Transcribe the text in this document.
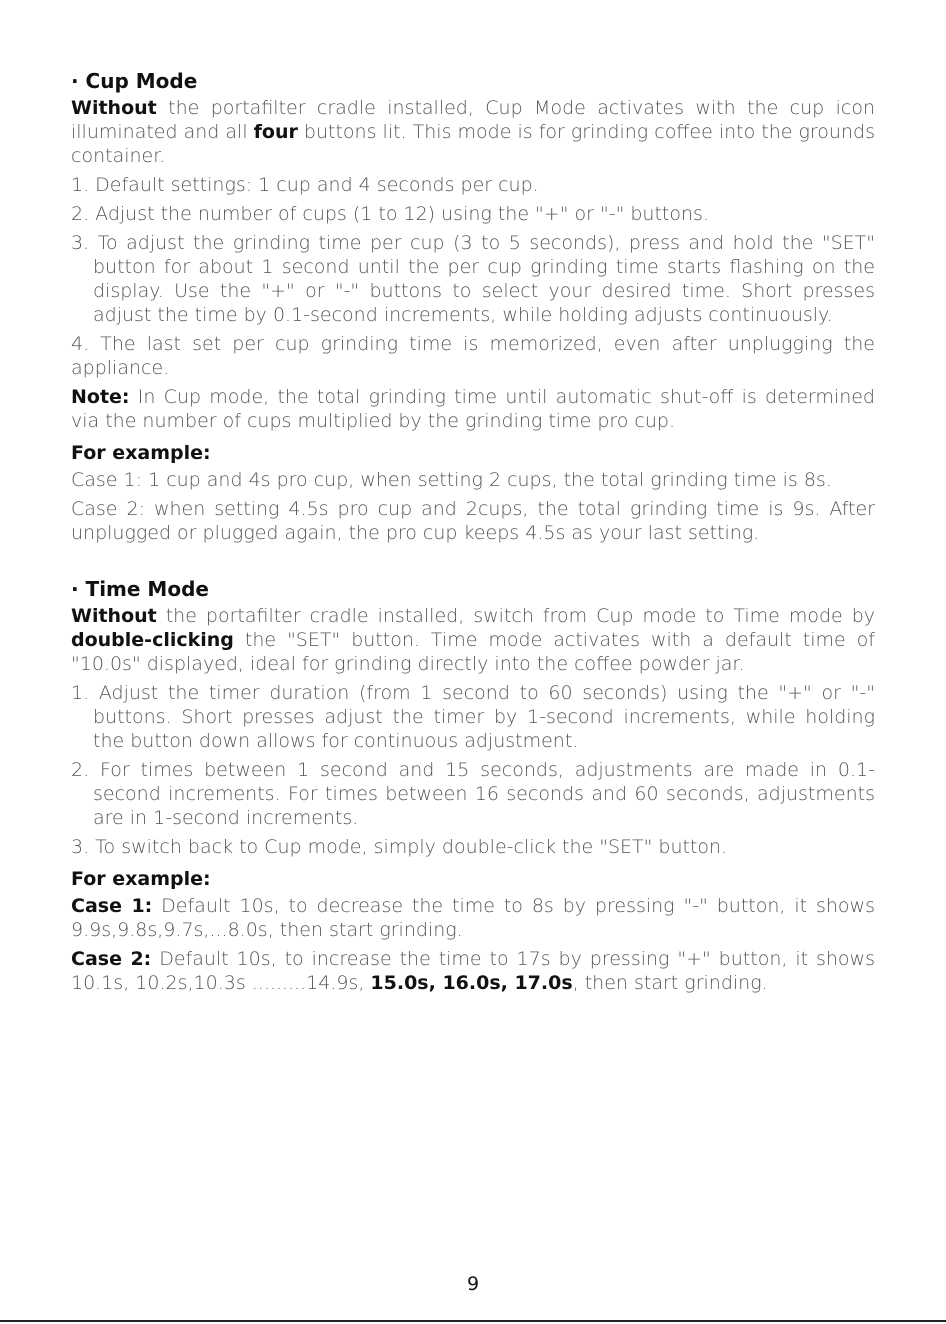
· Cup Mode

Without the portafilter cradle installed, Cup Mode activates with the cup icon illuminated and all four buttons lit. This mode is for grinding coffee into the grounds container.

1. Default settings: 1 cup and 4 seconds per cup.

2. Adjust the number of cups (1 to 12) using the "+" or "-" buttons.

3. To adjust the grinding time per cup (3 to 5 seconds), press and hold the "SET" button for about 1 second until the per cup grinding time starts flashing on the display. Use the "+" or "-" buttons to select your desired time. Short presses adjust the time by 0.1-second increments, while holding adjusts continuously.

4. The last set per cup grinding time is memorized, even after unplugging the appliance.

Note: In Cup mode, the total grinding time until automatic shut-off is determined via the number of cups multiplied by the grinding time pro cup.

For example:

Case 1: 1 cup and 4s pro cup, when setting 2 cups, the total grinding time is 8s.

Case 2: when setting 4.5s pro cup and 2cups, the total grinding time is 9s. After unplugged or plugged again, the pro cup keeps 4.5s as your last setting.

· Time Mode

Without the portafilter cradle installed, switch from Cup mode to Time mode by double-clicking the "SET" button. Time mode activates with a default time of "10.0s" displayed, ideal for grinding directly into the coffee powder jar.

1. Adjust the timer duration (from 1 second to 60 seconds) using the "+" or "-" buttons. Short presses adjust the timer by 1-second increments, while holding the button down allows for continuous adjustment.

2. For times between 1 second and 15 seconds, adjustments are made in 0.1-second increments. For times between 16 seconds and 60 seconds, adjustments are in 1-second increments.

3. To switch back to Cup mode, simply double-click the "SET" button.

For example:

Case 1: Default 10s, to decrease the time to 8s by pressing "-" button, it shows 9.9s,9.8s,9.7s,...8.0s, then start grinding.

Case 2: Default 10s, to increase the time to 17s by pressing "+" button, it shows 10.1s, 10.2s,10.3s .........14.9s, 15.0s, 16.0s, 17.0s, then start grinding.

9
